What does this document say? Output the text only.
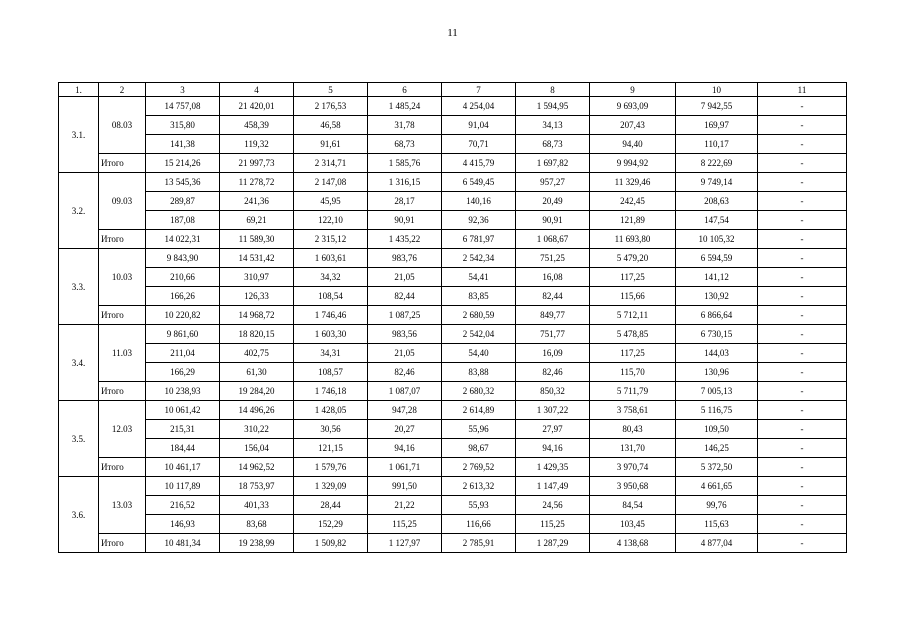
11
1.	2	3	4	5	6	7	8	9	10	11
3.1.	08.03	14 757,08	21 420,01	2 176,53	1 485,24	4 254,04	1 594,95	9 693,09	7 942,55	-
		315,80	458,39	46,58	31,78	91,04	34,13	207,43	169,97	-
		141,38	119,32	91,61	68,73	70,71	68,73	94,40	110,17	-
	Итого	15 214,26	21 997,73	2 314,71	1 585,76	4 415,79	1 697,82	9 994,92	8 222,69	-
3.2.	09.03	13 545,36	11 278,72	2 147,08	1 316,15	6 549,45	957,27	11 329,46	9 749,14	-
		289,87	241,36	45,95	28,17	140,16	20,49	242,45	208,63	-
		187,08	69,21	122,10	90,91	92,36	90,91	121,89	147,54	-
	Итого	14 022,31	11 589,30	2 315,12	1 435,22	6 781,97	1 068,67	11 693,80	10 105,32	-
3.3.	10.03	9 843,90	14 531,42	1 603,61	983,76	2 542,34	751,25	5 479,20	6 594,59	-
		210,66	310,97	34,32	21,05	54,41	16,08	117,25	141,12	-
		166,26	126,33	108,54	82,44	83,85	82,44	115,66	130,92	-
	Итого	10 220,82	14 968,72	1 746,46	1 087,25	2 680,59	849,77	5 712,11	6 866,64	-
3.4.	11.03	9 861,60	18 820,15	1 603,30	983,56	2 542,04	751,77	5 478,85	6 730,15	-
		211,04	402,75	34,31	21,05	54,40	16,09	117,25	144,03	-
		166,29	61,30	108,57	82,46	83,88	82,46	115,70	130,96	-
	Итого	10 238,93	19 284,20	1 746,18	1 087,07	2 680,32	850,32	5 711,79	7 005,13	-
3.5.	12.03	10 061,42	14 496,26	1 428,05	947,28	2 614,89	1 307,22	3 758,61	5 116,75	-
		215,31	310,22	30,56	20,27	55,96	27,97	80,43	109,50	-
		184,44	156,04	121,15	94,16	98,67	94,16	131,70	146,25	-
	Итого	10 461,17	14 962,52	1 579,76	1 061,71	2 769,52	1 429,35	3 970,74	5 372,50	-
3.6.	13.03	10 117,89	18 753,97	1 329,09	991,50	2 613,32	1 147,49	3 950,68	4 661,65	-
		216,52	401,33	28,44	21,22	55,93	24,56	84,54	99,76	-
		146,93	83,68	152,29	115,25	116,66	115,25	103,45	115,63	-
	Итого	10 481,34	19 238,99	1 509,82	1 127,97	2 785,91	1 287,29	4 138,68	4 877,04	-
